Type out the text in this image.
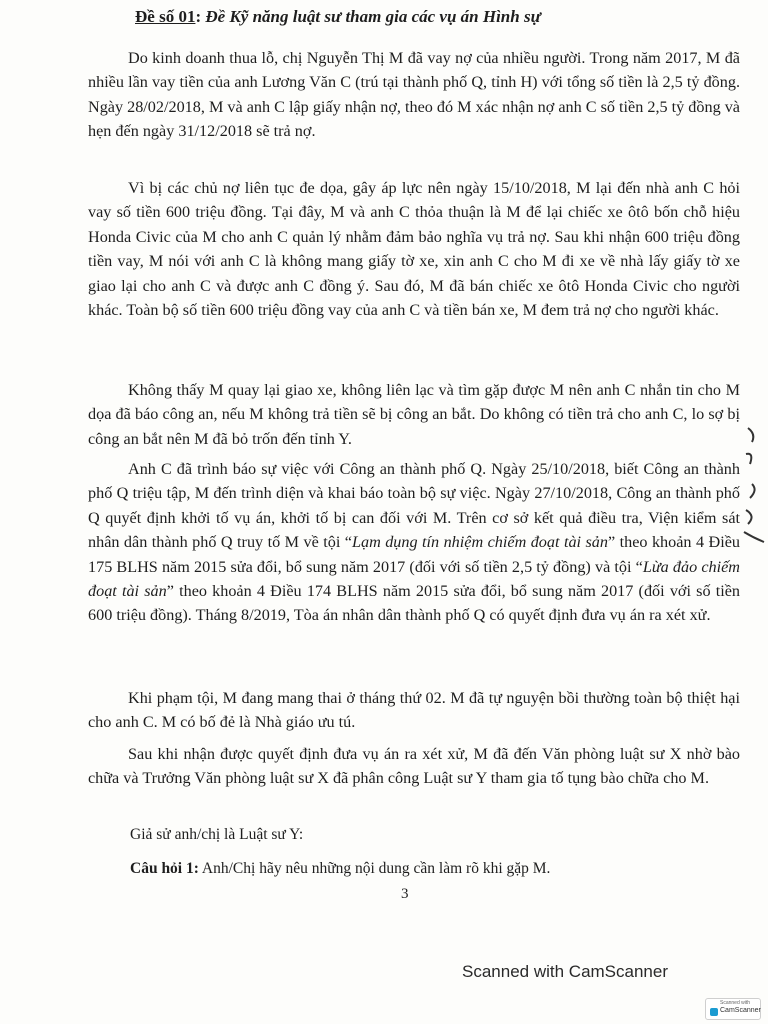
Đề số 01: Đề Kỹ năng luật sư tham gia các vụ án Hình sự

Do kinh doanh thua lỗ, chị Nguyễn Thị M đã vay nợ của nhiều người. Trong năm 2017, M đã nhiều lần vay tiền của anh Lương Văn C (trú tại thành phố Q, tỉnh H) với tổng số tiền là 2,5 tỷ đồng. Ngày 28/02/2018, M và anh C lập giấy nhận nợ, theo đó M xác nhận nợ anh C số tiền 2,5 tỷ đồng và hẹn đến ngày 31/12/2018 sẽ trả nợ.

Vì bị các chủ nợ liên tục đe dọa, gây áp lực nên ngày 15/10/2018, M lại đến nhà anh C hỏi vay số tiền 600 triệu đồng. Tại đây, M và anh C thỏa thuận là M để lại chiếc xe ôtô bốn chỗ hiệu Honda Civic của M cho anh C quản lý nhằm đảm bảo nghĩa vụ trả nợ. Sau khi nhận 600 triệu đồng tiền vay, M nói với anh C là không mang giấy tờ xe, xin anh C cho M đi xe về nhà lấy giấy tờ xe giao lại cho anh C và được anh C đồng ý. Sau đó, M đã bán chiếc xe ôtô Honda Civic cho người khác. Toàn bộ số tiền 600 triệu đồng vay của anh C và tiền bán xe, M đem trả nợ cho người khác.

Không thấy M quay lại giao xe, không liên lạc và tìm gặp được M nên anh C nhắn tin cho M dọa đã báo công an, nếu M không trả tiền sẽ bị công an bắt. Do không có tiền trả cho anh C, lo sợ bị công an bắt nên M đã bỏ trốn đến tỉnh Y.

Anh C đã trình báo sự việc với Công an thành phố Q. Ngày 25/10/2018, biết Công an thành phố Q triệu tập, M đến trình diện và khai báo toàn bộ sự việc. Ngày 27/10/2018, Công an thành phố Q quyết định khởi tố vụ án, khởi tố bị can đối với M. Trên cơ sở kết quả điều tra, Viện kiểm sát nhân dân thành phố Q truy tố M về tội “Lạm dụng tín nhiệm chiếm đoạt tài sản” theo khoản 4 Điều 175 BLHS năm 2015 sửa đổi, bổ sung năm 2017 (đối với số tiền 2,5 tỷ đồng) và tội “Lừa đảo chiếm đoạt tài sản” theo khoản 4 Điều 174 BLHS năm 2015 sửa đổi, bổ sung năm 2017 (đối với số tiền 600 triệu đồng). Tháng 8/2019, Tòa án nhân dân thành phố Q có quyết định đưa vụ án ra xét xử.

Khi phạm tội, M đang mang thai ở tháng thứ 02. M đã tự nguyện bồi thường toàn bộ thiệt hại cho anh C. M có bố đẻ là Nhà giáo ưu tú.

Sau khi nhận được quyết định đưa vụ án ra xét xử, M đã đến Văn phòng luật sư X nhờ bào chữa và Trưởng Văn phòng luật sư X đã phân công Luật sư Y tham gia tố tụng bào chữa cho M.

Giả sử anh/chị là Luật sư Y:
Câu hỏi 1: Anh/Chị hãy nêu những nội dung cần làm rõ khi gặp M.
3
Scanned with CamScanner
Scanned with
CamScanner
